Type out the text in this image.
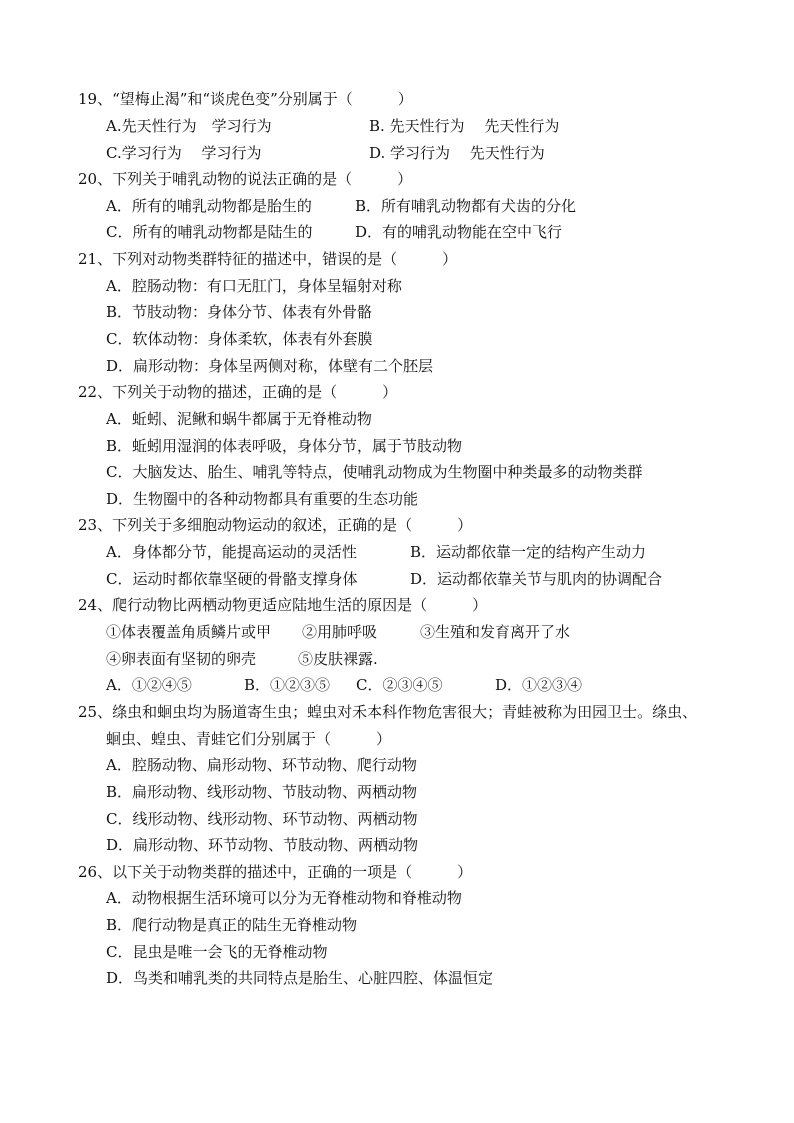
19、“望梅止渴”和“谈虎色变”分别属于（　　　）
A.先天性行为　学习行为	B. 先天性行为　 先天性行为
C.学习行为　 学习行为	D. 学习行为　 先天性行为
20、下列关于哺乳动物的说法正确的是（　　　）
A．所有的哺乳动物都是胎生的	B．所有哺乳动物都有犬齿的分化
C．所有的哺乳动物都是陆生的	D．有的哺乳动物能在空中飞行
21、下列对动物类群特征的描述中，错误的是（　　　）
A．腔肠动物：有口无肛门，身体呈辐射对称
B．节肢动物：身体分节、体表有外骨骼
C．软体动物：身体柔软，体表有外套膜
D．扁形动物：身体呈两侧对称，体壁有二个胚层
22、下列关于动物的描述，正确的是（　　　）
A．蚯蚓、泥鳅和蜗牛都属于无脊椎动物
B．蚯蚓用湿润的体表呼吸，身体分节，属于节肢动物
C．大脑发达、胎生、哺乳等特点，使哺乳动物成为生物圈中种类最多的动物类群
D．生物圈中的各种动物都具有重要的生态功能
23、下列关于多细胞动物运动的叙述，正确的是（　　　）
A．身体都分节，能提高运动的灵活性	B．运动都依靠一定的结构产生动力
C．运动时都依靠坚硬的骨骼支撑身体	D．运动都依靠关节与肌肉的协调配合
24、爬行动物比两栖动物更适应陆地生活的原因是（　　　）
①体表覆盖角质鳞片或甲 ②用肺呼吸	③生殖和发育离开了水
④卵表面有坚韧的卵壳	⑤皮肤裸露.
A．①②④⑤	B．①②③⑤ C．②③④⑤	D．①②③④
25、绦虫和蛔虫均为肠道寄生虫；蝗虫对禾本科作物危害很大；青蛙被称为田园卫士。绦虫、
蛔虫、蝗虫、青蛙它们分别属于（　　　）
A．腔肠动物、扁形动物、环节动物、爬行动物
B．扁形动物、线形动物、节肢动物、两栖动物
C．线形动物、线形动物、环节动物、两栖动物
D．扁形动物、环节动物、节肢动物、两栖动物
26、以下关于动物类群的描述中，正确的一项是（　　　）
A．动物根据生活环境可以分为无脊椎动物和脊椎动物
B．爬行动物是真正的陆生无脊椎动物
C．昆虫是唯一会飞的无脊椎动物
D．鸟类和哺乳类的共同特点是胎生、心脏四腔、体温恒定
